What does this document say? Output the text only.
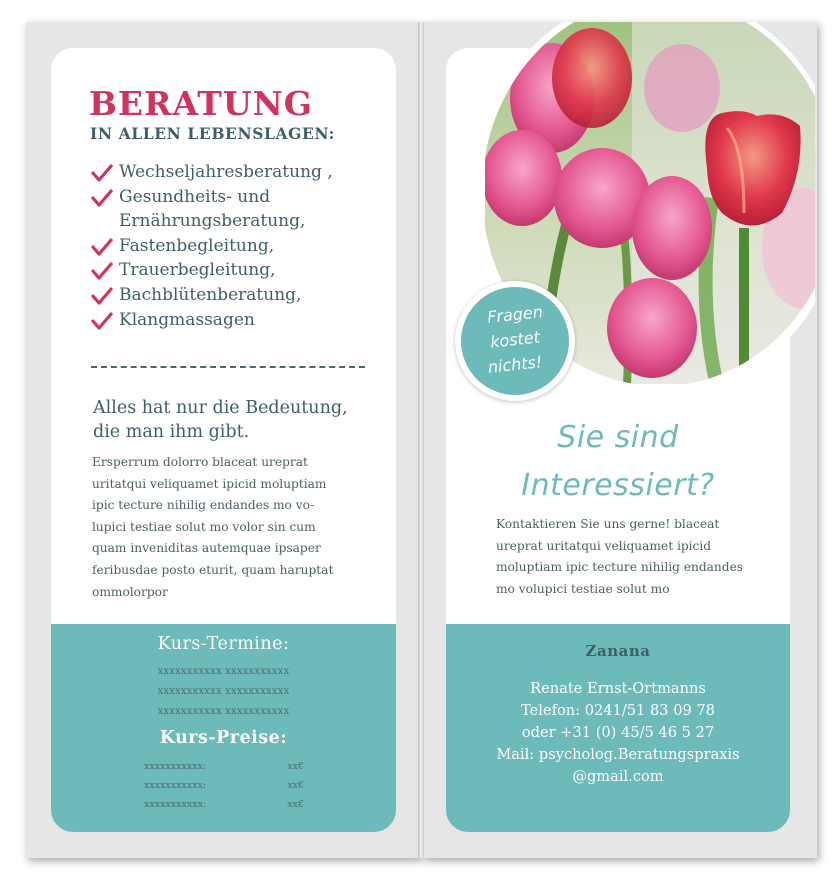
BERATUNG
IN ALLEN LEBENSLAGEN:
Wechseljahresberatung ,
Gesundheits- und
Ernährungsberatung,
Fastenbegleitung,
Trauerbegleitung,
Bachblütenberatung,
Klangmassagen

Alles hat nur die Bedeutung,
die man ihm gibt.

Ersperrum dolorro blaceat ureprat
uritatqui veliquamet ipicid moluptiam
ipic tecture nihilig endandes mo vo-
lupici testiae solut mo volor sin cum
quam inveniditas autemquae ipsaper
feribusdae posto eturit, quam haruptat
ommolorpor

Kurs-Termine:
xxxxxxxxxxx xxxxxxxxxxx
xxxxxxxxxxx xxxxxxxxxxx
xxxxxxxxxxx xxxxxxxxxxx
Kurs-Preise:
xxxxxxxxxxx:	xx€
xxxxxxxxxxx:	xx€
xxxxxxxxxxx:	xx€
Sie sind
Interessiert?

Kontaktieren Sie uns gerne! blaceat
ureprat uritatqui veliquamet ipicid
moluptiam ipic tecture nihilig endandes
mo volupici testiae solut mo

Zanana
Renate Ernst-Ortmanns
Telefon: 0241/51 83 09 78
oder +31 (0) 45/5 46 5 27
Mail: psycholog.Beratungspraxis
@gmail.com
Fragen
kostet
nichts!
